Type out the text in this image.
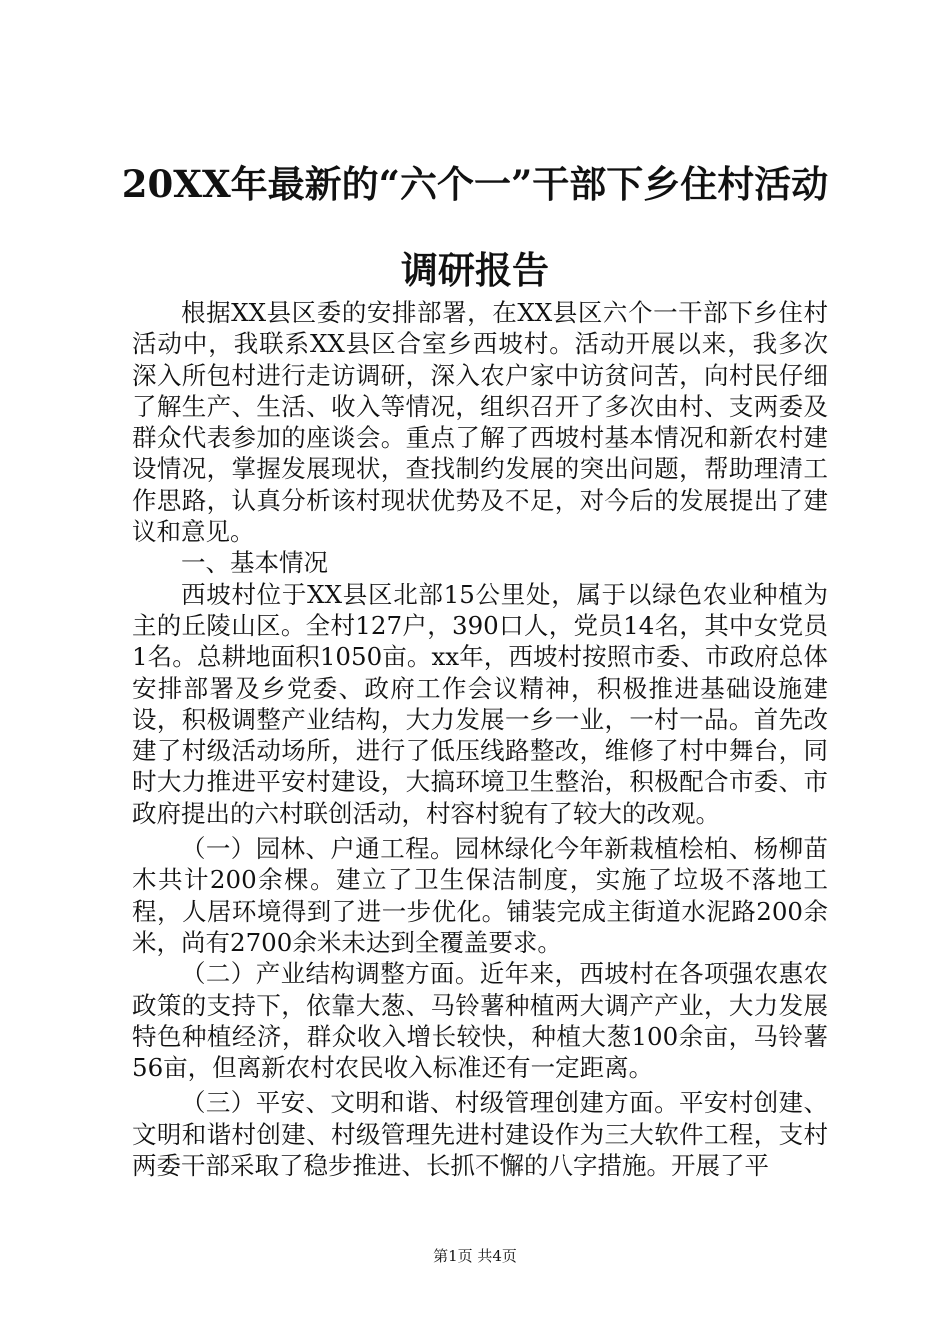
20XX年最新的“六个一”干部下乡住村活动
调研报告

根据XX县区委的安排部署，在XX县区六个一干部下乡住村活动中，我联系XX县区合室乡西坡村。活动开展以来，我多次深入所包村进行走访调研，深入农户家中访贫问苦，向村民仔细了解生产、生活、收入等情况，组织召开了多次由村、支两委及群众代表参加的座谈会。重点了解了西坡村基本情况和新农村建设情况，掌握发展现状，查找制约发展的突出问题，帮助理清工作思路，认真分析该村现状优势及不足，对今后的发展提出了建议和意见。

一、基本情况

西坡村位于XX县区北部15公里处，属于以绿色农业种植为主的丘陵山区。全村127户，390口人，党员14名，其中女党员1名。总耕地面积1050亩。xx年，西坡村按照市委、市政府总体安排部署及乡党委、政府工作会议精神，积极推进基础设施建设，积极调整产业结构，大力发展一乡一业，一村一品。首先改建了村级活动场所，进行了低压线路整改，维修了村中舞台，同时大力推进平安村建设，大搞环境卫生整治，积极配合市委、市政府提出的六村联创活动，村容村貌有了较大的改观。

（一）园林、户通工程。园林绿化今年新栽植桧柏、杨柳苗木共计200余棵。建立了卫生保洁制度，实施了垃圾不落地工程，人居环境得到了进一步优化。铺装完成主街道水泥路200余米，尚有2700余米未达到全覆盖要求。

（二）产业结构调整方面。近年来，西坡村在各项强农惠农政策的支持下，依靠大葱、马铃薯种植两大调产产业，大力发展特色种植经济，群众收入增长较快，种植大葱100余亩，马铃薯56亩，但离新农村农民收入标准还有一定距离。

（三）平安、文明和谐、村级管理创建方面。平安村创建、文明和谐村创建、村级管理先进村建设作为三大软件工程，支村两委干部采取了稳步推进、长抓不懈的八字措施。开展了平

第1页 共4页
